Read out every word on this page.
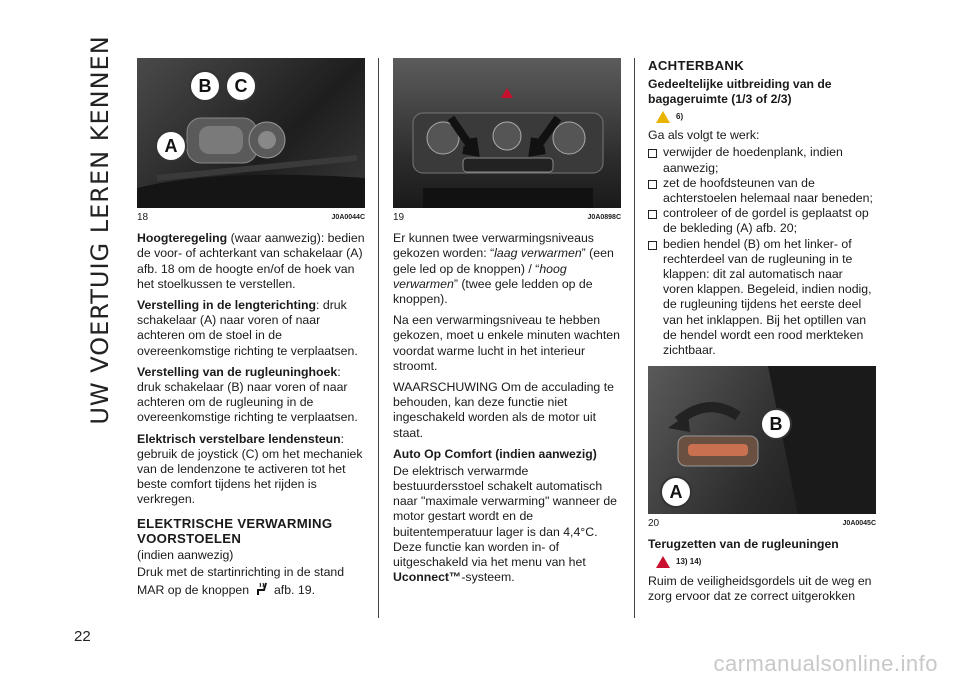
UW VOERTUIG LEREN KENNEN
22
B	C
A
18	J0A0044C

Hoogteregeling (waar aanwezig): bedien de voor- of achterkant van schakelaar (A) afb. 18 om de hoogte en/of de hoek van het stoelkussen te verstellen.

Verstelling in de lengterichting: druk schakelaar (A) naar voren of naar achteren om de stoel in de overeenkomstige richting te verplaatsen.

Verstelling van de rugleuninghoek: druk schakelaar (B) naar voren of naar achteren om de rugleuning in de overeenkomstige richting te verplaatsen.

Elektrisch verstelbare lendensteun: gebruik de joystick (C) om het mechaniek van de lendenzone te activeren tot het beste comfort tijdens het rijden is verkregen.

ELEKTRISCHE VERWARMING VOORSTOELEN

(indien aanwezig)

Druk met de startinrichting in de stand MAR op de knoppen  afb. 19.

19	J0A0898C

Er kunnen twee verwarmingsniveaus gekozen worden: “laag verwarmen” (een gele led op de knoppen) / “hoog verwarmen” (twee gele ledden op de knoppen).

Na een verwarmingsniveau te hebben gekozen, moet u enkele minuten wachten voordat warme lucht in het interieur stroomt.

WAARSCHUWING Om de acculading te behouden, kan deze functie niet ingeschakeld worden als de motor uit staat.

Auto Op Comfort (indien aanwezig)

De elektrisch verwarmde bestuurdersstoel schakelt automatisch naar "maximale verwarming" wanneer de motor gestart wordt en de buitentemperatuur lager is dan 4,4°C. Deze functie kan worden in- of uitgeschakeld via het menu van het Uconnect™-systeem.

ACHTERBANK
Gedeeltelijke uitbreiding van de bagageruimte (1/3 of 2/3)
6)

Ga als volgt te werk:

verwijder de hoedenplank, indien aanwezig;
zet de hoofdsteunen van de achterstoelen helemaal naar beneden;
controleer of de gordel is geplaatst op de bekleding (A) afb. 20;
bedien hendel (B) om het linker- of rechterdeel van de rugleuning in te klappen: dit zal automatisch naar voren klappen. Begeleid, indien nodig, de rugleuning tijdens het eerste deel van het inklappen. Bij het optillen van de hendel wordt een rood merkteken zichtbaar.
B
A
20	J0A0045C
Terugzetten van de rugleuningen
13) 14)

Ruim de veiligheidsgordels uit de weg en zorg ervoor dat ze correct uitgerokken

carmanualsonline.info
